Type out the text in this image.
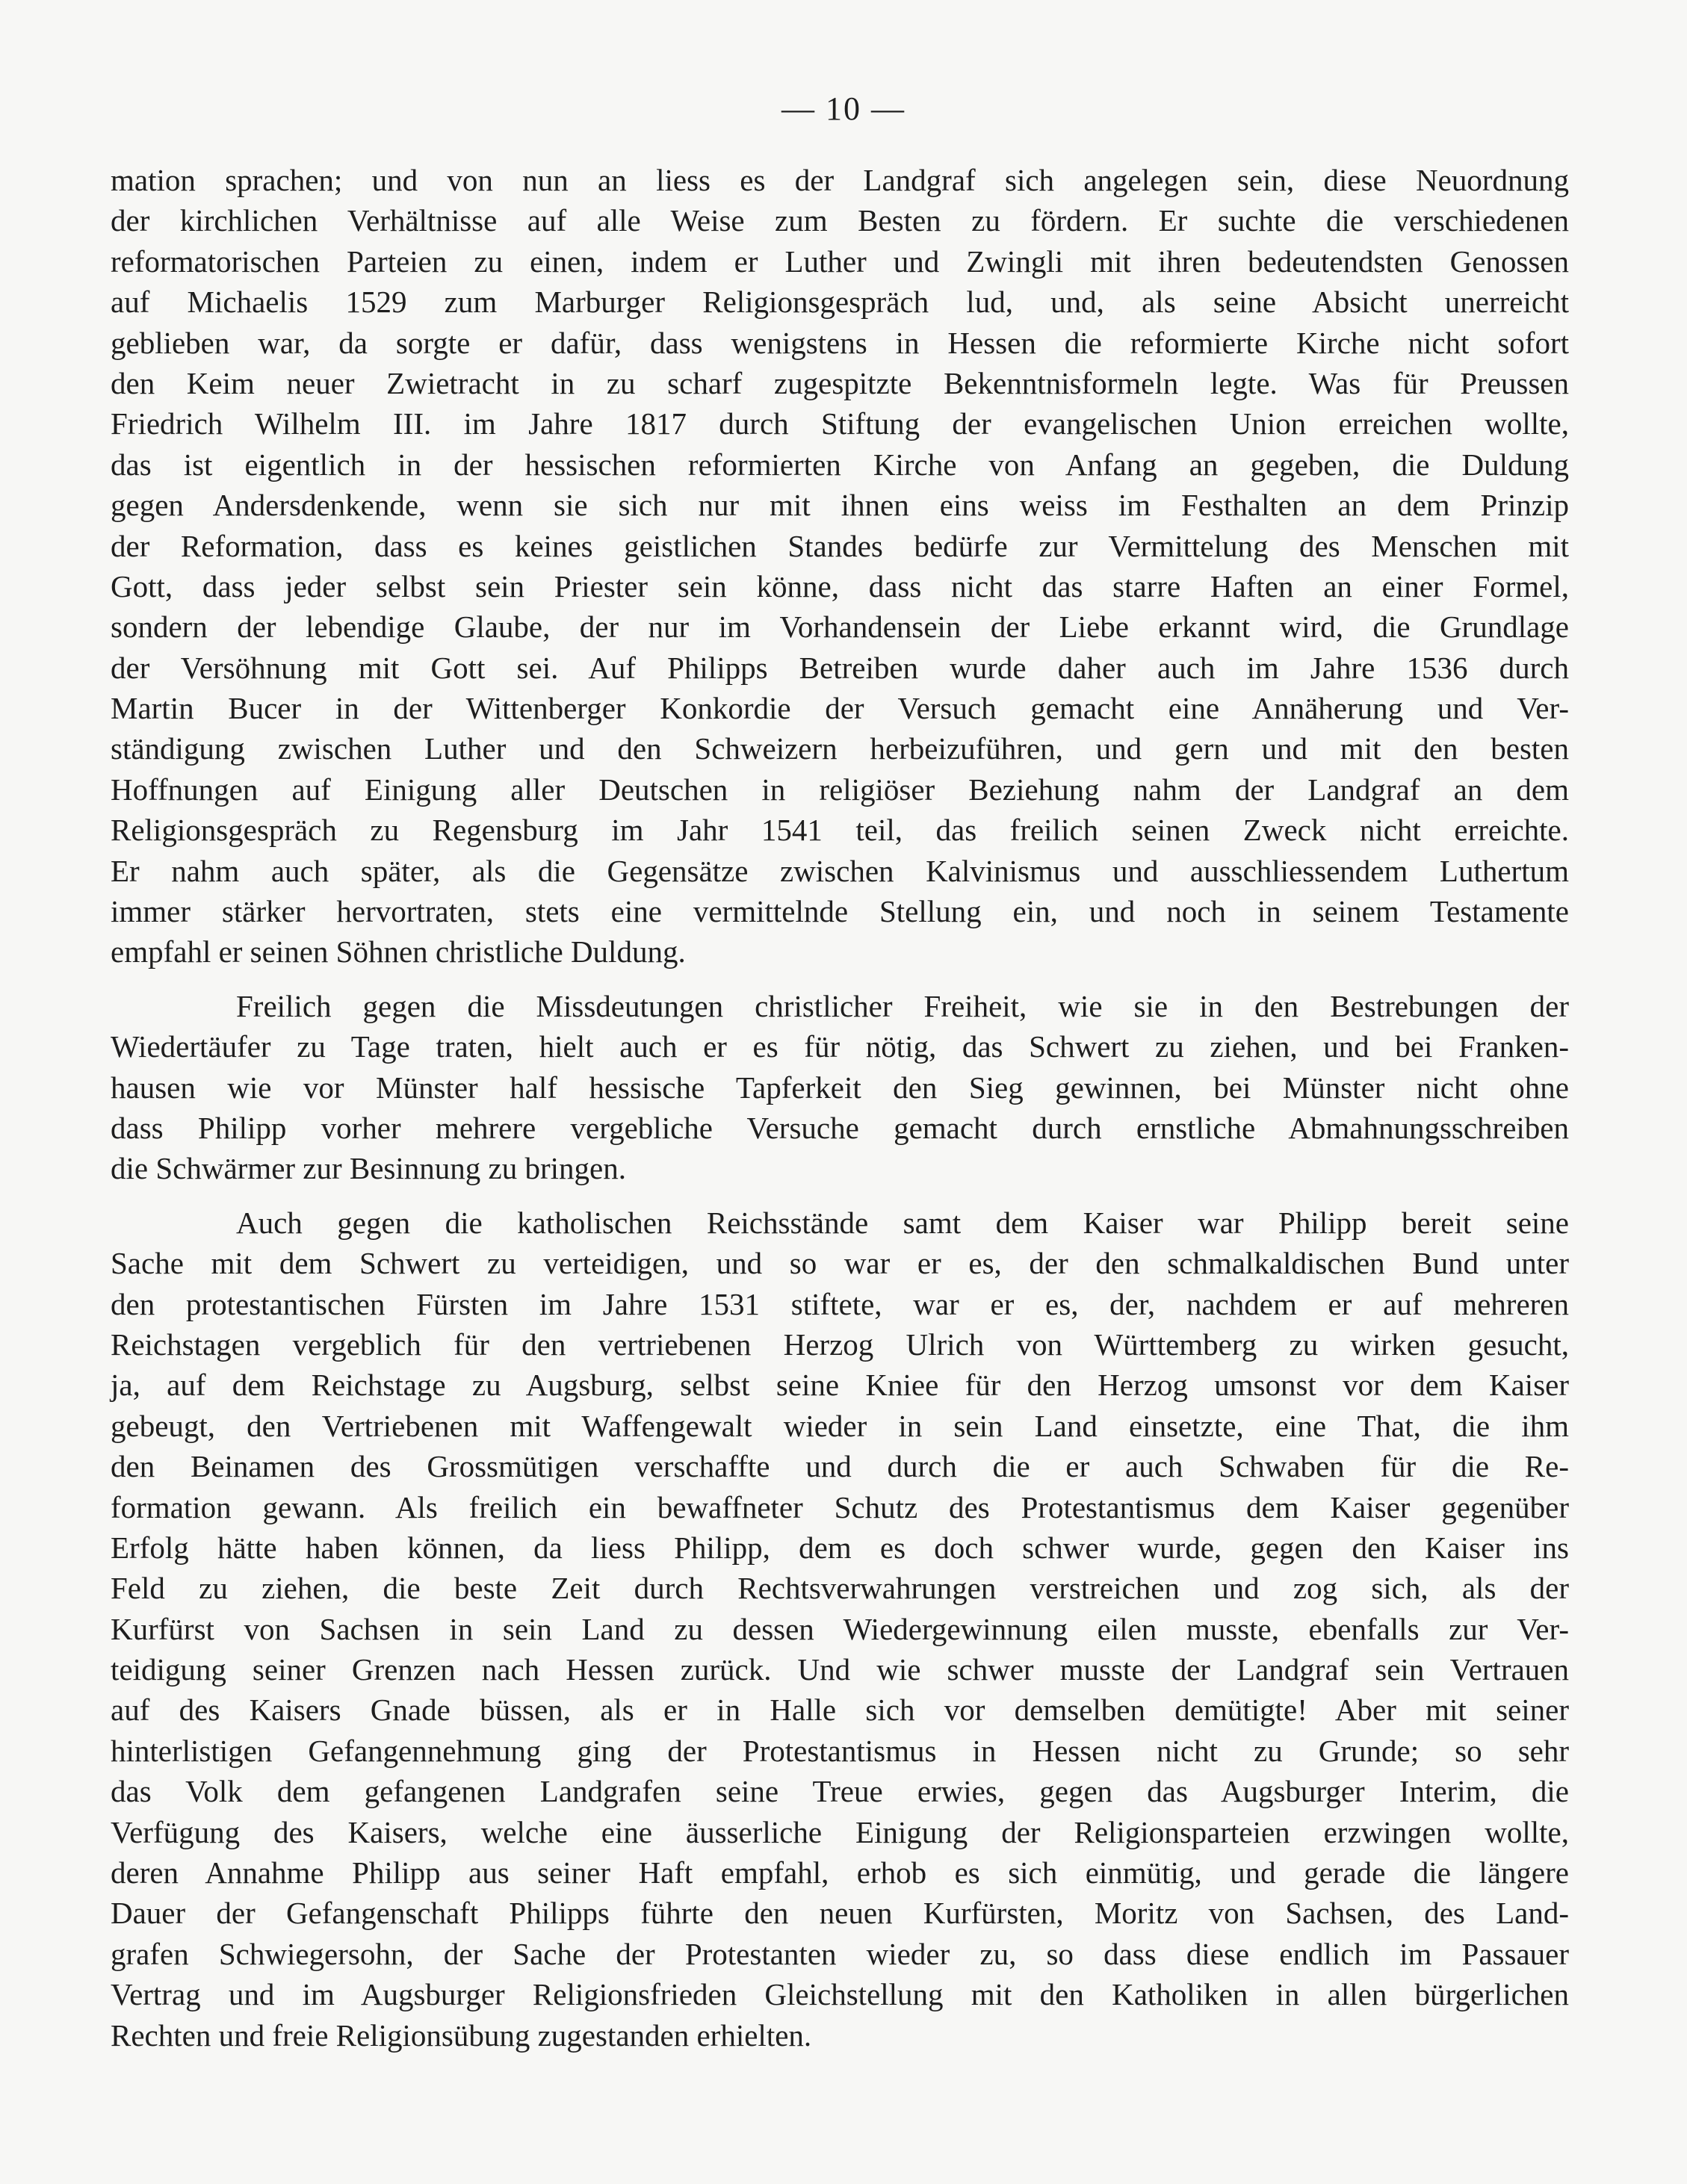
— 10 —
mation sprachen; und von nun an liess es der Landgraf sich angelegen sein, diese Neuordnung
der kirchlichen Verhältnisse auf alle Weise zum Besten zu fördern. Er suchte die verschiedenen
reformatorischen Parteien zu einen, indem er Luther und Zwingli mit ihren bedeutendsten Genossen
auf Michaelis 1529 zum Marburger Religionsgespräch lud, und, als seine Absicht unerreicht
geblieben war, da sorgte er dafür, dass wenigstens in Hessen die reformierte Kirche nicht sofort
den Keim neuer Zwietracht in zu scharf zugespitzte Bekenntnisformeln legte. Was für Preussen
Friedrich Wilhelm III. im Jahre 1817 durch Stiftung der evangelischen Union erreichen wollte,
das ist eigentlich in der hessischen reformierten Kirche von Anfang an gegeben, die Duldung
gegen Andersdenkende, wenn sie sich nur mit ihnen eins weiss im Festhalten an dem Prinzip
der Reformation, dass es keines geistlichen Standes bedürfe zur Vermittelung des Menschen mit
Gott, dass jeder selbst sein Priester sein könne, dass nicht das starre Haften an einer Formel,
sondern der lebendige Glaube, der nur im Vorhandensein der Liebe erkannt wird, die Grundlage
der Versöhnung mit Gott sei. Auf Philipps Betreiben wurde daher auch im Jahre 1536 durch
Martin Bucer in der Wittenberger Konkordie der Versuch gemacht eine Annäherung und Ver-
ständigung zwischen Luther und den Schweizern herbeizuführen, und gern und mit den besten
Hoffnungen auf Einigung aller Deutschen in religiöser Beziehung nahm der Landgraf an dem
Religionsgespräch zu Regensburg im Jahr 1541 teil, das freilich seinen Zweck nicht erreichte.
Er nahm auch später, als die Gegensätze zwischen Kalvinismus und ausschliessendem Luthertum
immer stärker hervortraten, stets eine vermittelnde Stellung ein, und noch in seinem Testamente
empfahl er seinen Söhnen christliche Duldung.
Freilich gegen die Missdeutungen christlicher Freiheit, wie sie in den Bestrebungen der
Wiedertäufer zu Tage traten, hielt auch er es für nötig, das Schwert zu ziehen, und bei Franken-
hausen wie vor Münster half hessische Tapferkeit den Sieg gewinnen, bei Münster nicht ohne
dass Philipp vorher mehrere vergebliche Versuche gemacht durch ernstliche Abmahnungsschreiben
die Schwärmer zur Besinnung zu bringen.
Auch gegen die katholischen Reichsstände samt dem Kaiser war Philipp bereit seine
Sache mit dem Schwert zu verteidigen, und so war er es, der den schmalkaldischen Bund unter
den protestantischen Fürsten im Jahre 1531 stiftete, war er es, der, nachdem er auf mehreren
Reichstagen vergeblich für den vertriebenen Herzog Ulrich von Württemberg zu wirken gesucht,
ja, auf dem Reichstage zu Augsburg, selbst seine Kniee für den Herzog umsonst vor dem Kaiser
gebeugt, den Vertriebenen mit Waffengewalt wieder in sein Land einsetzte, eine That, die ihm
den Beinamen des Grossmütigen verschaffte und durch die er auch Schwaben für die Re-
formation gewann. Als freilich ein bewaffneter Schutz des Protestantismus dem Kaiser gegenüber
Erfolg hätte haben können, da liess Philipp, dem es doch schwer wurde, gegen den Kaiser ins
Feld zu ziehen, die beste Zeit durch Rechtsverwahrungen verstreichen und zog sich, als der
Kurfürst von Sachsen in sein Land zu dessen Wiedergewinnung eilen musste, ebenfalls zur Ver-
teidigung seiner Grenzen nach Hessen zurück. Und wie schwer musste der Landgraf sein Vertrauen
auf des Kaisers Gnade büssen, als er in Halle sich vor demselben demütigte! Aber mit seiner
hinterlistigen Gefangennehmung ging der Protestantismus in Hessen nicht zu Grunde; so sehr
das Volk dem gefangenen Landgrafen seine Treue erwies, gegen das Augsburger Interim, die
Verfügung des Kaisers, welche eine äusserliche Einigung der Religionsparteien erzwingen wollte,
deren Annahme Philipp aus seiner Haft empfahl, erhob es sich einmütig, und gerade die längere
Dauer der Gefangenschaft Philipps führte den neuen Kurfürsten, Moritz von Sachsen, des Land-
grafen Schwiegersohn, der Sache der Protestanten wieder zu, so dass diese endlich im Passauer
Vertrag und im Augsburger Religionsfrieden Gleichstellung mit den Katholiken in allen bürgerlichen
Rechten und freie Religionsübung zugestanden erhielten.
